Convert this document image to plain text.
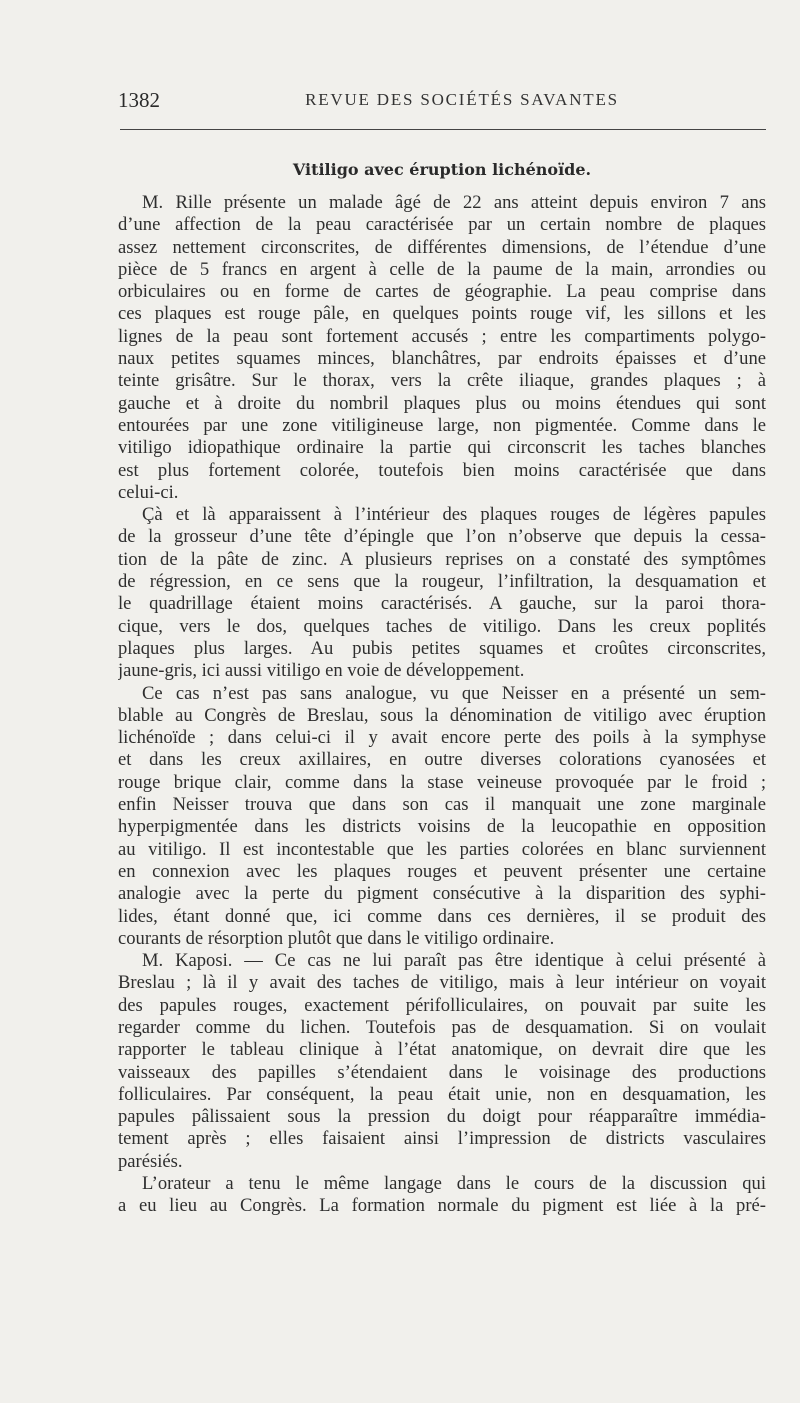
1382	REVUE DES SOCIÉTÉS SAVANTES
Vitiligo avec éruption lichénoïde.
M. Rille présente un malade âgé de 22 ans atteint depuis environ 7 ans
d’une affection de la peau caractérisée par un certain nombre de plaques
assez nettement circonscrites, de différentes dimensions, de l’étendue d’une
pièce de 5 francs en argent à celle de la paume de la main, arrondies ou
orbiculaires ou en forme de cartes de géographie. La peau comprise dans
ces plaques est rouge pâle, en quelques points rouge vif, les sillons et les
lignes de la peau sont fortement accusés ; entre les compartiments polygo-
naux petites squames minces, blanchâtres, par endroits épaisses et d’une
teinte grisâtre. Sur le thorax, vers la crête iliaque, grandes plaques ; à
gauche et à droite du nombril plaques plus ou moins étendues qui sont
entourées par une zone vitiligineuse large, non pigmentée. Comme dans le
vitiligo idiopathique ordinaire la partie qui circonscrit les taches blanches
est plus fortement colorée, toutefois bien moins caractérisée que dans
celui-ci.
Çà et là apparaissent à l’intérieur des plaques rouges de légères papules
de la grosseur d’une tête d’épingle que l’on n’observe que depuis la cessa-
tion de la pâte de zinc. A plusieurs reprises on a constaté des symptômes
de régression, en ce sens que la rougeur, l’infiltration, la desquamation et
le quadrillage étaient moins caractérisés. A gauche, sur la paroi thora-
cique, vers le dos, quelques taches de vitiligo. Dans les creux poplités
plaques plus larges. Au pubis petites squames et croûtes circonscrites,
jaune-gris, ici aussi vitiligo en voie de développement.
Ce cas n’est pas sans analogue, vu que Neisser en a présenté un sem-
blable au Congrès de Breslau, sous la dénomination de vitiligo avec éruption
lichénoïde ; dans celui-ci il y avait encore perte des poils à la symphyse
et dans les creux axillaires, en outre diverses colorations cyanosées et
rouge brique clair, comme dans la stase veineuse provoquée par le froid ;
enfin Neisser trouva que dans son cas il manquait une zone marginale
hyperpigmentée dans les districts voisins de la leucopathie en opposition
au vitiligo. Il est incontestable que les parties colorées en blanc surviennent
en connexion avec les plaques rouges et peuvent présenter une certaine
analogie avec la perte du pigment consécutive à la disparition des syphi-
lides, étant donné que, ici comme dans ces dernières, il se produit des
courants de résorption plutôt que dans le vitiligo ordinaire.
M. Kaposi. — Ce cas ne lui paraît pas être identique à celui présenté à
Breslau ; là il y avait des taches de vitiligo, mais à leur intérieur on voyait
des papules rouges, exactement périfolliculaires, on pouvait par suite les
regarder comme du lichen. Toutefois pas de desquamation. Si on voulait
rapporter le tableau clinique à l’état anatomique, on devrait dire que les
vaisseaux des papilles s’étendaient dans le voisinage des productions
folliculaires. Par conséquent, la peau était unie, non en desquamation, les
papules pâlissaient sous la pression du doigt pour réapparaître immédia-
tement après ; elles faisaient ainsi l’impression de districts vasculaires
parésiés.
L’orateur a tenu le même langage dans le cours de la discussion qui
a eu lieu au Congrès. La formation normale du pigment est liée à la pré-
